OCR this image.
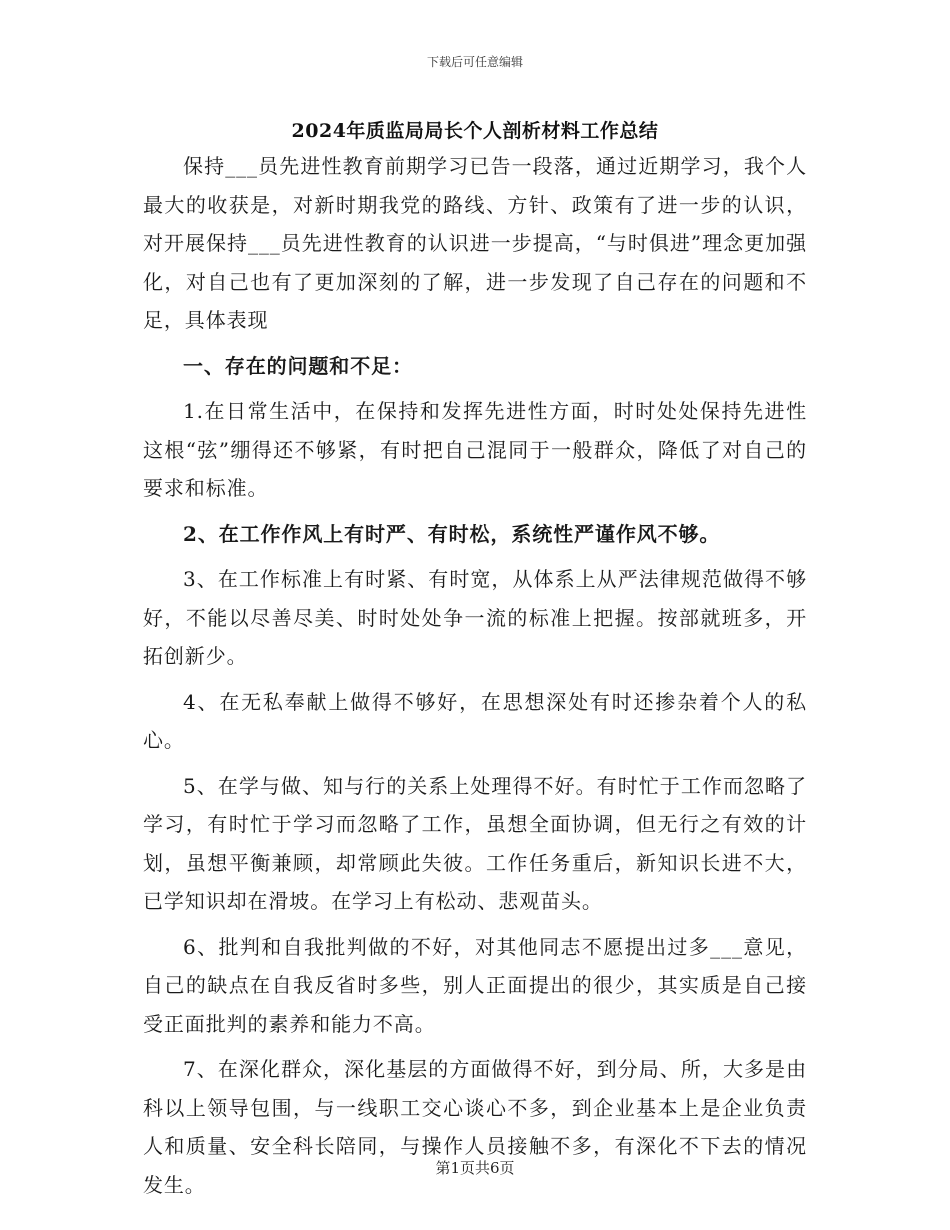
下载后可任意编辑
2024年质监局局长个人剖析材料工作总结

保持___员先进性教育前期学习已告一段落，通过近期学习，我个人最大的收获是，对新时期我党的路线、方针、政策有了进一步的认识，对开展保持___员先进性教育的认识进一步提高，“与时俱进”理念更加强化，对自己也有了更加深刻的了解，进一步发现了自己存在的问题和不足，具体表现

一、存在的问题和不足：

1.在日常生活中，在保持和发挥先进性方面，时时处处保持先进性这根“弦”绷得还不够紧，有时把自己混同于一般群众，降低了对自己的要求和标准。

2、在工作作风上有时严、有时松，系统性严谨作风不够。

3、在工作标准上有时紧、有时宽，从体系上从严法律规范做得不够好，不能以尽善尽美、时时处处争一流的标准上把握。按部就班多，开拓创新少。

4、在无私奉献上做得不够好，在思想深处有时还掺杂着个人的私心。

5、在学与做、知与行的关系上处理得不好。有时忙于工作而忽略了学习，有时忙于学习而忽略了工作，虽想全面协调，但无行之有效的计划，虽想平衡兼顾，却常顾此失彼。工作任务重后，新知识长进不大，已学知识却在滑坡。在学习上有松动、悲观苗头。

6、批判和自我批判做的不好，对其他同志不愿提出过多___意见，自己的缺点在自我反省时多些，别人正面提出的很少，其实质是自己接受正面批判的素养和能力不高。

7、在深化群众，深化基层的方面做得不好，到分局、所，大多是由科以上领导包围，与一线职工交心谈心不多，到企业基本上是企业负责人和质量、安全科长陪同，与操作人员接触不多，有深化不下去的情况发生。

第1页共6页
